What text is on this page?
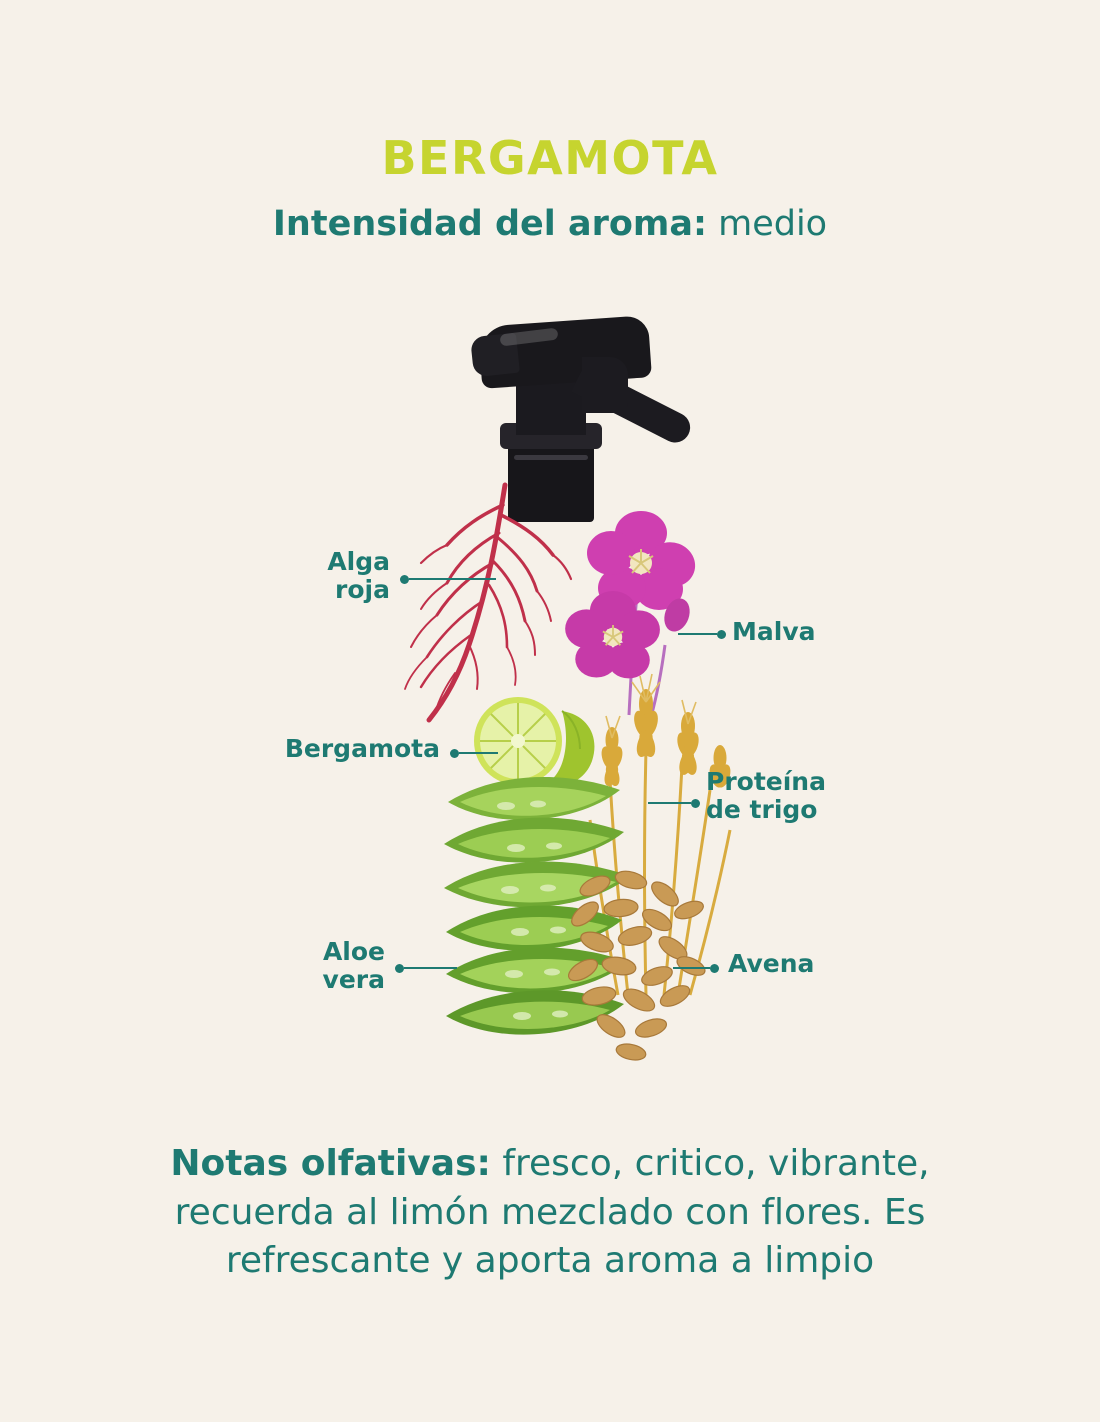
BERGAMOTA
Intensidad del aroma: medio
Alga
roja
Malva
Bergamota
Proteína
de trigo
Aloe
vera
Avena
Notas olfativas: fresco, critico, vibrante, recuerda al limón mezclado con flores. Es refrescante y aporta aroma a limpio
